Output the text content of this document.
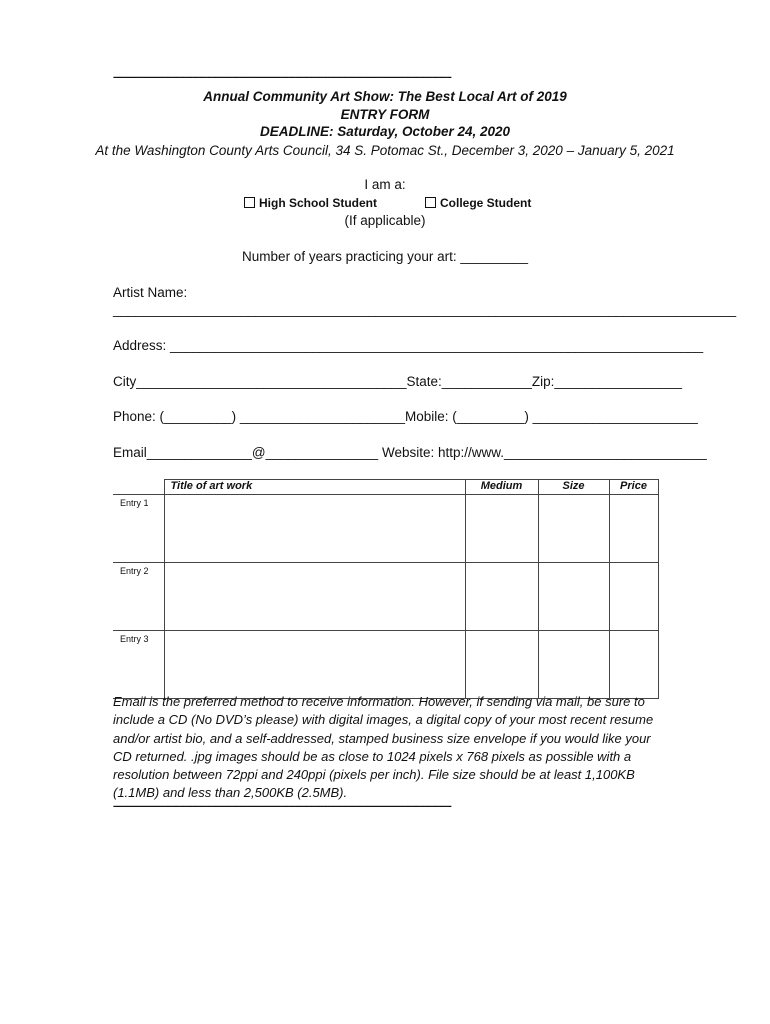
-------------------------------------------------------------------------------------------------------------------------------------------------
Annual Community Art Show: The Best Local Art of 2019
ENTRY FORM
DEADLINE: Saturday, October 24, 2020
At the Washington County Arts Council, 34 S. Potomac St., December 3, 2020 – January 5, 2021
I am a:
High School Student	College Student
(If applicable)
Number of years practicing your art: _________
Artist Name:
___________________________________________________________________________________
Address: _______________________________________________________________________
City____________________________________State:____________Zip:_________________
Phone: (_________) ______________________Mobile: (_________) ______________________
Email______________@_______________ Website: http://www.___________________________
	Title of art work	Medium	Size	Price
Entry 1				
Entry 2				
Entry 3				
Email is the preferred method to receive information. However, if sending via mail, be sure to include a CD (No DVD’s please) with digital images, a digital copy of your most recent resume and/or artist bio, and a self-addressed, stamped business size envelope if you would like your CD returned. .jpg images should be as close to 1024 pixels x 768 pixels as possible with a resolution between 72ppi and 240ppi (pixels per inch). File size should be at least 1,100KB (1.1MB) and less than 2,500KB (2.5MB).
-------------------------------------------------------------------------------------------------------------------------------------------------
